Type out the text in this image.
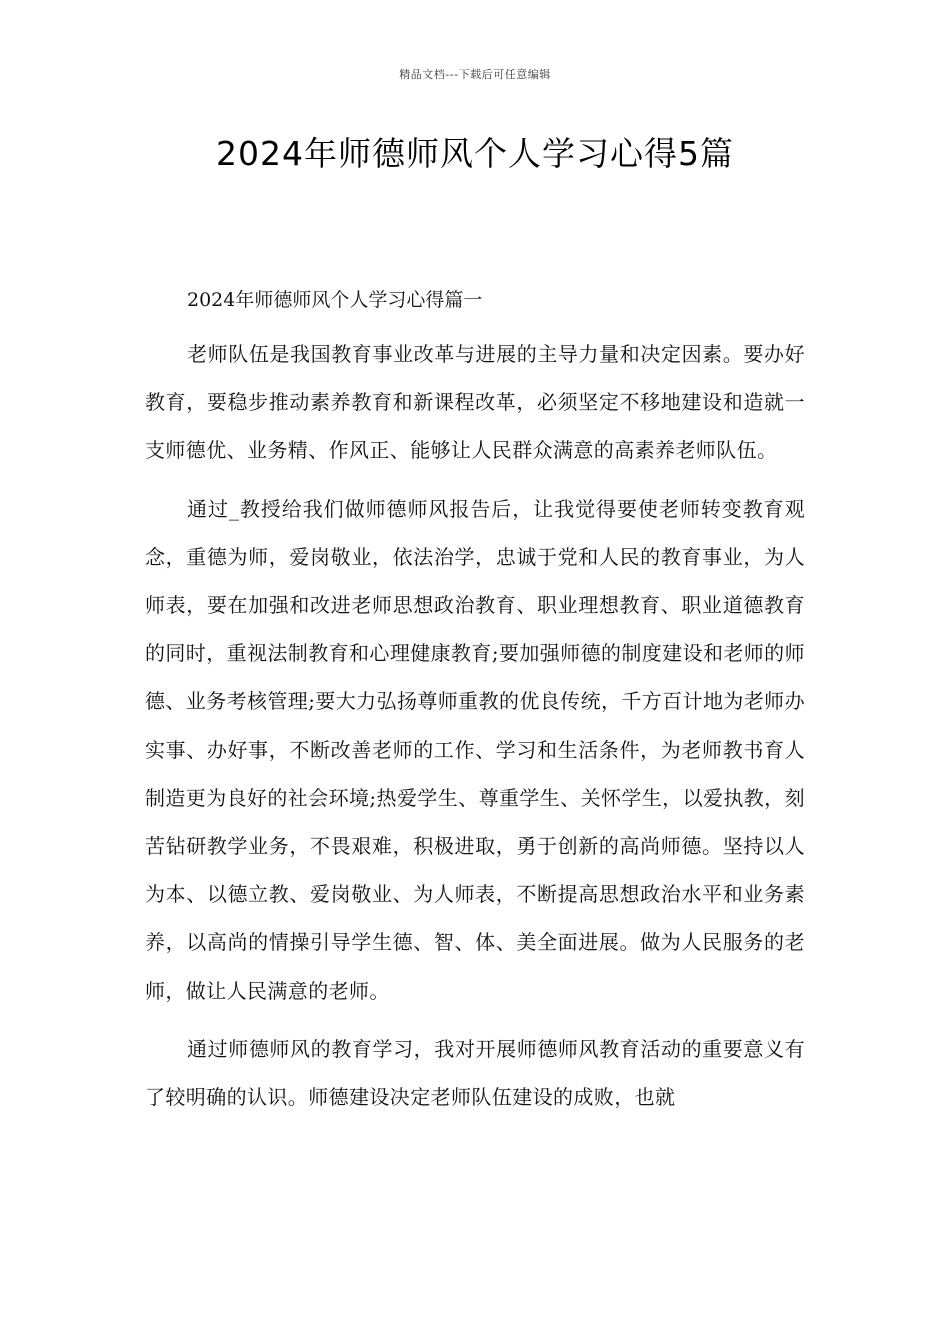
精品文档---下载后可任意编辑
2024年师德师风个人学习心得5篇

2024年师德师风个人学习心得篇一

老师队伍是我国教育事业改革与进展的主导力量和决定因素。要办好教育，要稳步推动素养教育和新课程改革，必须坚定不移地建设和造就一支师德优、业务精、作风正、能够让人民群众满意的高素养老师队伍。

通过_教授给我们做师德师风报告后，让我觉得要使老师转变教育观念，重德为师，爱岗敬业，依法治学，忠诚于党和人民的教育事业，为人师表，要在加强和改进老师思想政治教育、职业理想教育、职业道德教育的同时，重视法制教育和心理健康教育;要加强师德的制度建设和老师的师德、业务考核管理;要大力弘扬尊师重教的优良传统，千方百计地为老师办实事、办好事，不断改善老师的工作、学习和生活条件，为老师教书育人制造更为良好的社会环境;热爱学生、尊重学生、关怀学生，以爱执教，刻苦钻研教学业务，不畏艰难，积极进取，勇于创新的高尚师德。坚持以人为本、以德立教、爱岗敬业、为人师表，不断提高思想政治水平和业务素养，以高尚的情操引导学生德、智、体、美全面进展。做为人民服务的老师，做让人民满意的老师。

通过师德师风的教育学习，我对开展师德师风教育活动的重要意义有了较明确的认识。师德建设决定老师队伍建设的成败，也就
